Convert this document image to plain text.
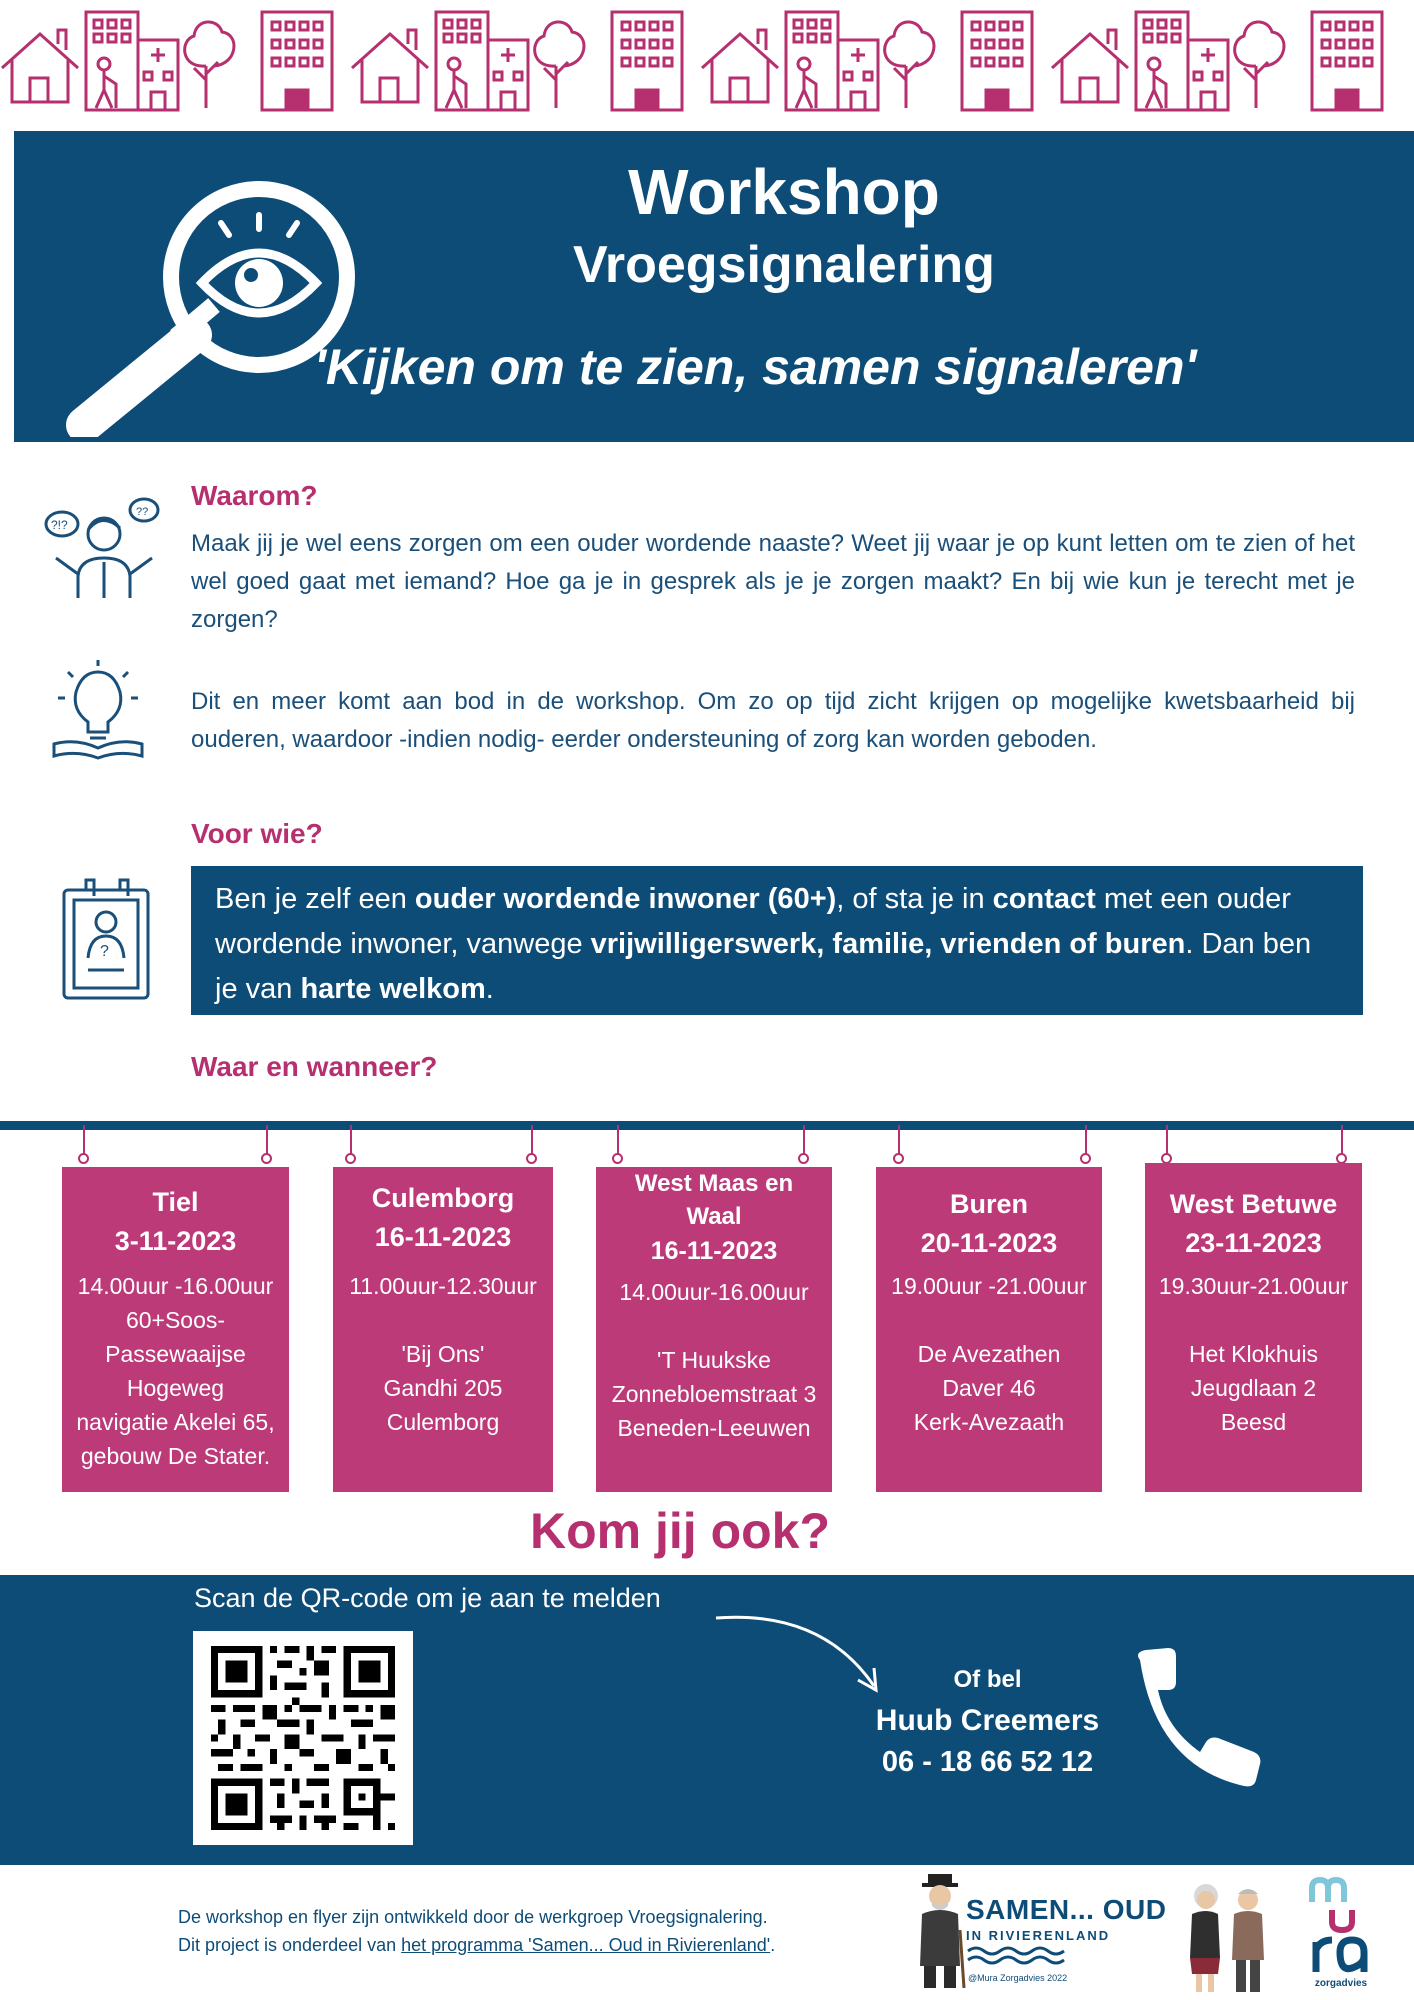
Workshop
Vroegsignalering
'Kijken om te zien, samen signaleren'
?!?
??
?
Waarom?
Maak jij je wel eens zorgen om een ouder wordende naaste? Weet jij waar je op kunt letten om te zien of het wel goed gaat met iemand? Hoe ga je in gesprek als je je zorgen maakt? En bij wie kun je terecht met je zorgen?
Dit en meer komt aan bod in de workshop. Om zo op tijd zicht krijgen op mogelijke kwetsbaarheid bij ouderen, waardoor -indien nodig- eerder ondersteuning of zorg kan worden geboden.
Voor wie?
Ben je zelf een ouder wordende inwoner (60+), of sta je in contact met een ouder wordende inwoner, vanwege vrijwilligerswerk, familie, vrienden of buren. Dan ben je van harte welkom.
Waar en wanneer?
Tiel
3-11-2023
14.00uur -16.00uur
60+Soos-
Passewaaijse
Hogeweg
navigatie Akelei 65,
gebouw De Stater.
Culemborg
16-11-2023
11.00uur-12.30uur
'Bij Ons'
Gandhi 205
Culemborg
West Maas en Waal
16-11-2023
14.00uur-16.00uur
'T Huukske
Zonnebloemstraat 3
Beneden-Leeuwen
Buren
20-11-2023
19.00uur -21.00uur
De Avezathen
Daver 46
Kerk-Avezaath
West Betuwe
23-11-2023
19.30uur-21.00uur
Het Klokhuis
Jeugdlaan 2
Beesd
Kom jij ook?
Scan de QR-code om je aan te melden
Of bel
Huub Creemers
06 - 18 66 52 12
De workshop en flyer zijn ontwikkeld door de werkgroep Vroegsignalering.
Dit project is onderdeel van het programma 'Samen... Oud in Rivierenland'.
SAMEN... OUD
IN RIVIERENLAND
@Mura Zorgadvies 2022	zorgadvies
